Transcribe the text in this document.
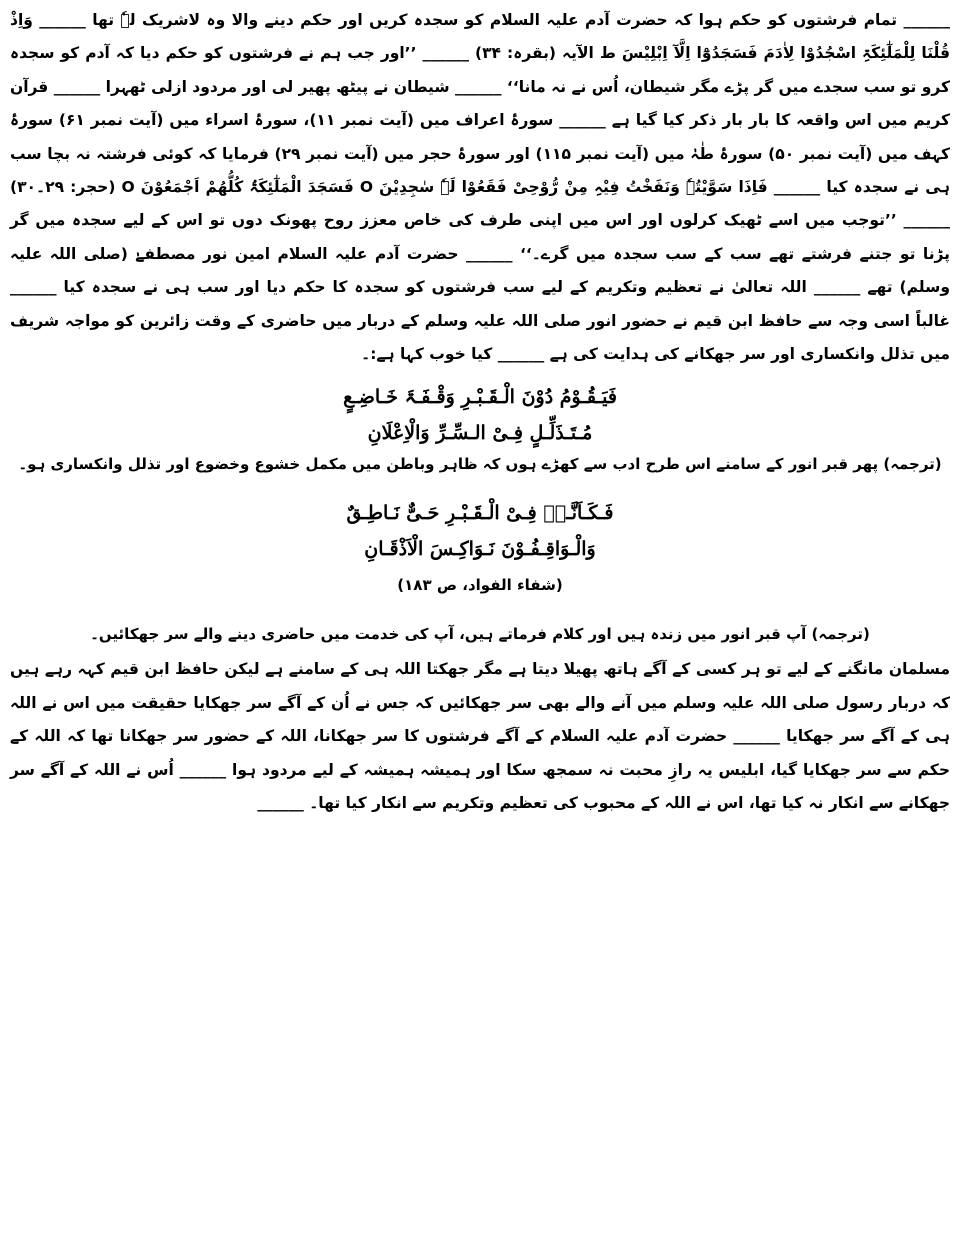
______ تمام فرشتوں کو حکم ہوا کہ حضرت آدم علیہ السلام کو سجدہ کریں اور حکم دینے والا وہ لاشریک لہٗ تھا ______ وَاِذْ قُلْنَا لِلْمَلٰٓئِکَۃِ اسْجُدُوْا لِاٰدَمَ فَسَجَدُوْٓا اِلَّآ اِبْلِیْسَ ط الآیہ (بقرہ: ۳۴) ______ ’’اور جب ہم نے فرشتوں کو حکم دیا کہ آدم کو سجدہ کرو تو سب سجدے میں گر پڑے مگر شیطان، اُس نے نہ مانا‘‘ ______ شیطان نے پیٹھ پھیر لی اور مردود ازلی ٹھہرا ______ قرآن کریم میں اس واقعہ کا بار بار ذکر کیا گیا ہے ______ سورۂ اعراف میں (آیت نمبر ۱۱)، سورۂ اسراء میں (آیت نمبر ۶۱) سورۂ کہف میں (آیت نمبر ۵۰) سورۂ طٰہٰ میں (آیت نمبر ۱۱۵) اور سورۂ حجر میں (آیت نمبر ۲۹) فرمایا کہ کوئی فرشتہ نہ بچا سب ہی نے سجدہ کیا ______ فَاِذَا سَوَّیْتُہٗ وَنَفَخْتُ فِیْہِ مِنْ رُّوْحِیْ فَقَعُوْا لَہٗ سٰجِدِیْنَ O فَسَجَدَ الْمَلٰٓئِکَۃُ کُلُّھُمْ اَجْمَعُوْنَ O (حجر: ۲۹۔۳۰) ______ ’’توجب میں اسے ٹھیک کرلوں اور اس میں اپنی طرف کی خاص معزز روح پھونک دوں تو اس کے لیے سجدہ میں گر پڑنا تو جتنے فرشتے تھے سب کے سب سجدہ میں گرے۔‘‘ ______ حضرت آدم علیہ السلام امین نور مصطفےٰ (صلی اللہ علیہ وسلم) تھے ______ اللہ تعالیٰ نے تعظیم وتکریم کے لیے سب فرشتوں کو سجدہ کا حکم دیا اور سب ہی نے سجدہ کیا ______ غالباً اسی وجہ سے حافظ ابن قیم نے حضور انور صلی اللہ علیہ وسلم کے دربار میں حاضری کے وقت زائرین کو مواجہ شریف میں تذلل وانکساری اور سر جھکانے کی ہدایت کی ہے ______ کیا خوب کہا ہے:۔

فَیَـقُـوْمُ دُوْنَ الْـقَـبْـرِ وَقْـفَـۃَ خَـاضِـعٍ

مُـتَـذَلِّـلٍ فِـیْ الـسِّـرِّ وَالْاِعْلَانِ

(ترجمہ) پھر قبر انور کے سامنے اس طرح ادب سے کھڑے ہوں کہ ظاہر وباطن میں مکمل خشوع وخضوع اور تذلل وانکساری ہو۔

فَـکَـاَنَّـہٗ فِـیْ الْـقَـبْـرِ حَـیٌّ نَـاطِـقٌ

وَالْـوَاقِـفُـوْنَ نَـوَاکِـسَ الْاَذْقَـانِ

(شفاء الفواد، ص ۱۸۳)

(ترجمہ) آپ قبر انور میں زندہ ہیں اور کلام فرماتے ہیں، آپ کی خدمت میں حاضری دینے والے سر جھکائیں۔

مسلمان مانگنے کے لیے تو ہر کسی کے آگے ہاتھ پھیلا دیتا ہے مگر جھکتا اللہ ہی کے سامنے ہے لیکن حافظ ابن قیم کہہ رہے ہیں کہ دربار رسول صلی اللہ علیہ وسلم میں آنے والے بھی سر جھکائیں کہ جس نے اُن کے آگے سر جھکایا حقیقت میں اس نے اللہ ہی کے آگے سر جھکایا ______ حضرت آدم علیہ السلام کے آگے فرشتوں کا سر جھکانا، اللہ کے حضور سر جھکانا تھا کہ اللہ کے حکم سے سر جھکایا گیا، ابلیس یہ رازِ محبت نہ سمجھ سکا اور ہمیشہ ہمیشہ کے لیے مردود ہوا ______ اُس نے اللہ کے آگے سر جھکانے سے انکار نہ کیا تھا، اس نے اللہ کے محبوب کی تعظیم وتکریم سے انکار کیا تھا۔ ______
